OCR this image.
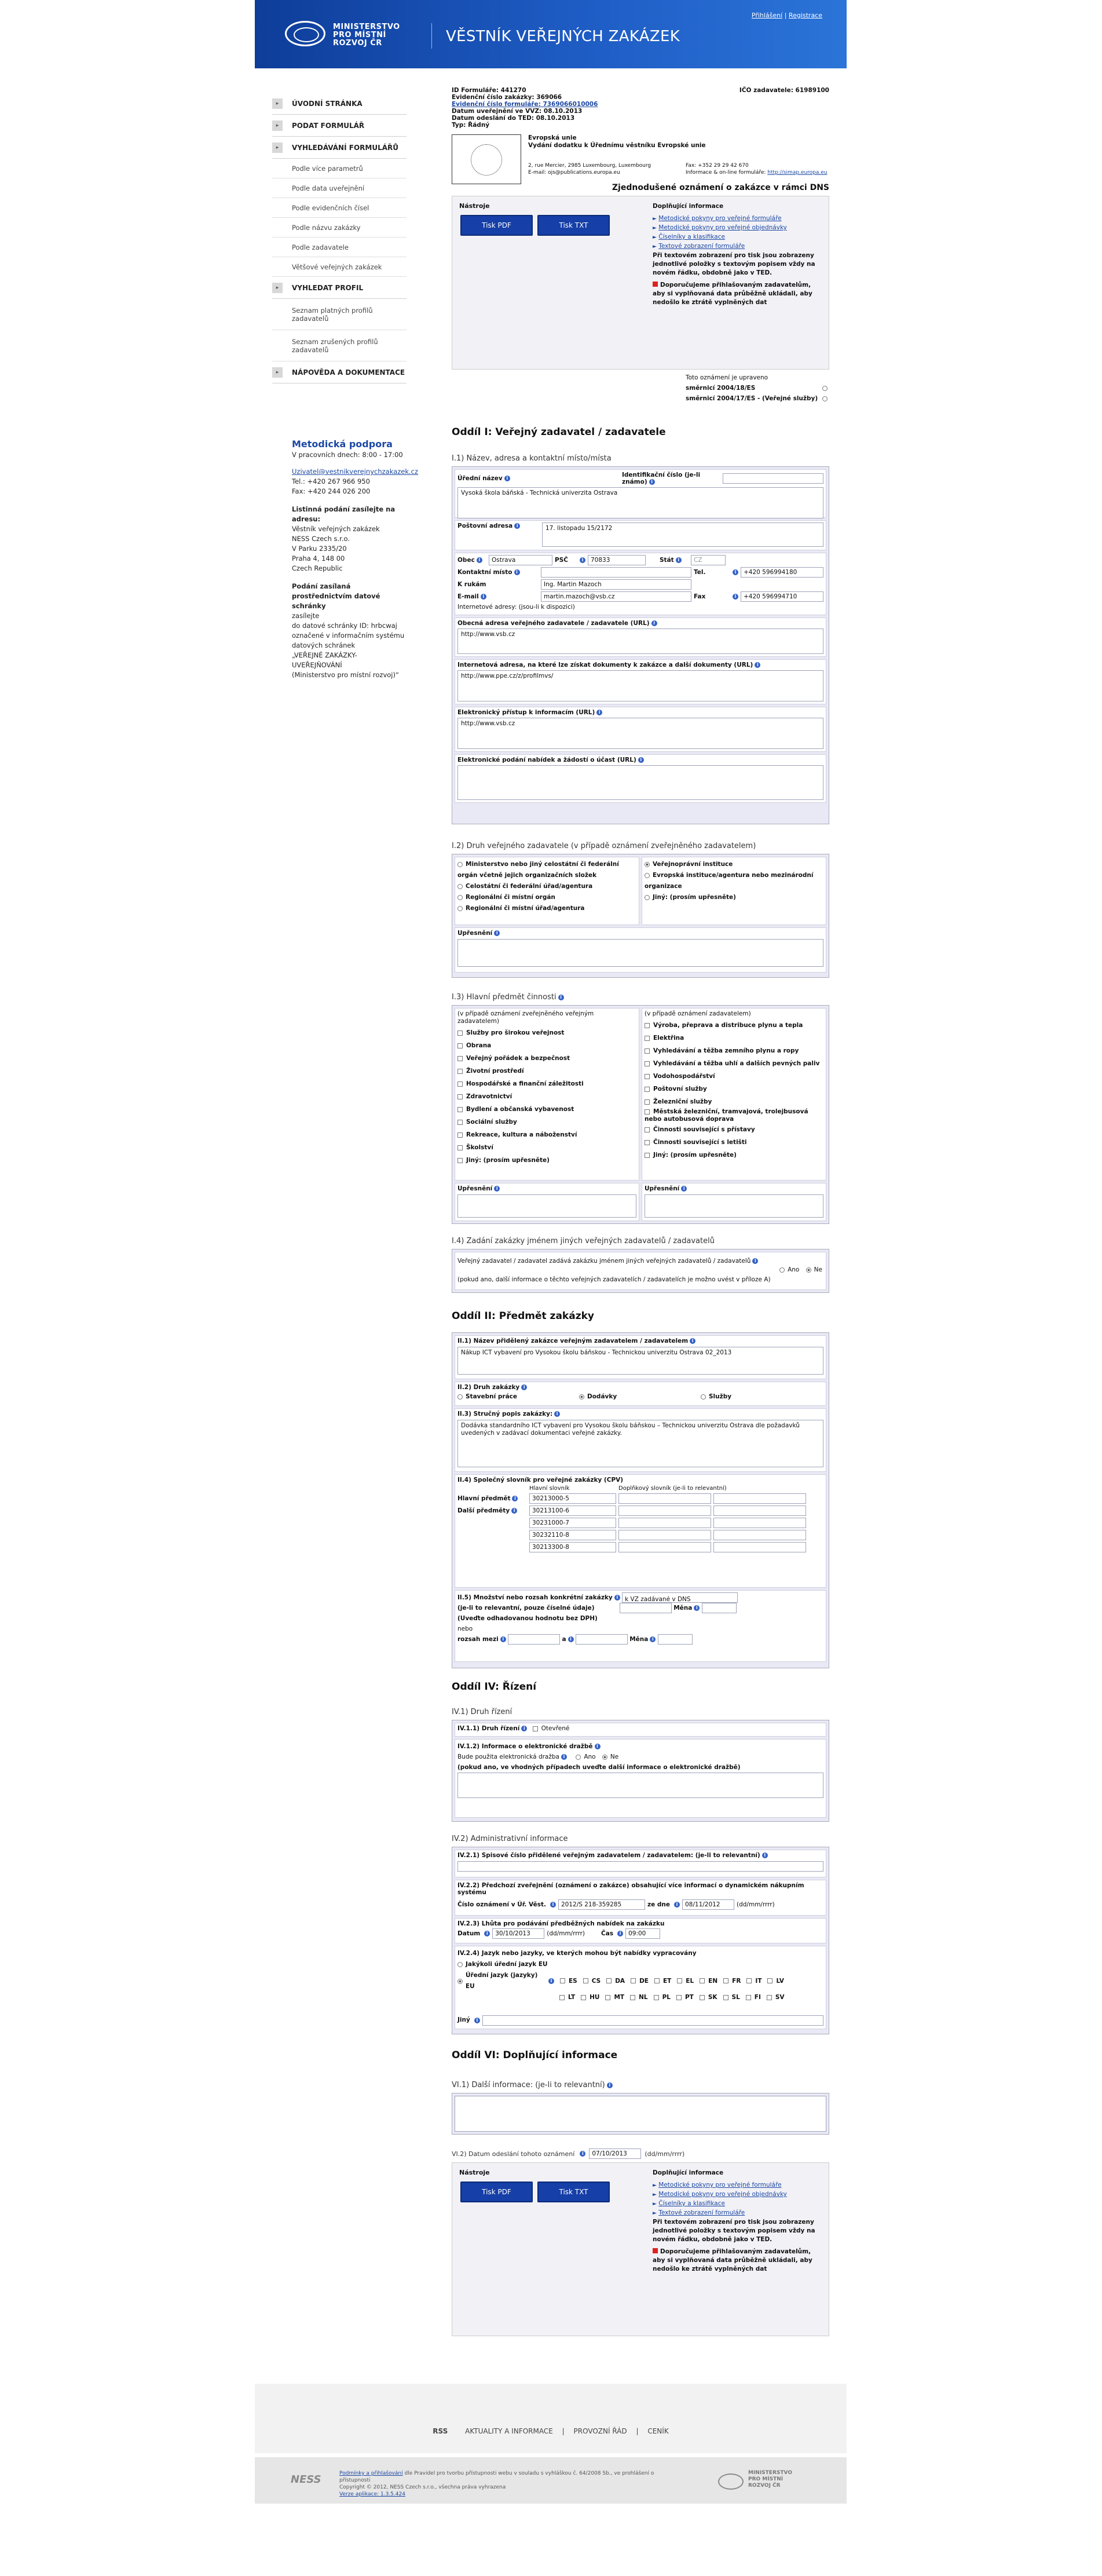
MINISTERSTVO
PRO MÍSTNÍ
ROZVOJ ČR	VĚSTNÍK VEŘEJNÝCH ZAKÁZEK
Přihlášení | Registrace
▸	ÚVODNÍ STRÁNKA
▸	PODAT FORMULÁŘ
▸	VYHLEDÁVÁNÍ FORMULÁŘŮ
Podle více parametrů
Podle data uveřejnění
Podle evidenčních čísel
Podle názvu zakázky
Podle zadavatele
Většové veřejných zakázek
▸	VYHLEDAT PROFIL
Seznam platných profilů zadavatelů
Seznam zrušených profilů zadavatelů
▸	NÁPOVĚDA A DOKUMENTACE
Metodická podpora
V pracovních dnech: 8:00 - 17:00
Uzivatel@vestnikverejnychzakazek.cz
Tel.: +420 267 966 950
Fax: +420 244 026 200

Listinná podání zasílejte na adresu:

Věstník veřejných zakázek
NESS Czech s.r.o.
V Parku 2335/20
Praha 4, 148 00
Czech Republic

Podání zasílaná prostřednictvím datové schránky

zasílejte
do datové schránky ID: hrbcwaj
označené v informačním systému
datových schránek
„VEŘEJNÉ ZAKÁZKY-
UVEŘEJŇOVÁNÍ
(Ministerstvo pro místní rozvoj)“
ID Formuláře: 441270
Evidenční číslo zakázky: 369066
Evidenční číslo formuláře: 7369066010006
Datum uveřejnění ve VVZ: 08.10.2013
Datum odeslání do TED: 08.10.2013
Typ: Řádný
IČO zadavatele: 61989100
Evropská unie
Vydání dodatku k Úřednímu věstníku Evropské unie
2, rue Mercier, 2985 Luxembourg, Luxembourg
E-mail: ojs@publications.europa.eu
Fax: +352 29 29 42 670
Informace & on-line formuláře: http://simap.europa.eu
Zjednodušené oznámení o zakázce v rámci DNS
Nástroje
Tisk PDF	Tisk TXT
Doplňující informace
► Metodické pokyny pro veřejné formuláře
► Metodické pokyny pro veřejné objednávky
► Číselníky a klasifikace
► Textové zobrazení formuláře
Při textovém zobrazení pro tisk jsou zobrazeny jednotlivé položky s textovým popisem vždy na novém řádku, obdobně jako v TED.
Doporučujeme přihlašovaným zadavatelům, aby si vyplňovaná data průběžně ukládali, aby nedošlo ke ztrátě vyplněných dat
Toto oznámení je upraveno
směrnicí 2004/18/ES
směrnicí 2004/17/ES - (Veřejné služby)
Oddíl I: Veřejný zadavatel / zadavatele
I.1) Název, adresa a kontaktní místo/místa
Úřední název i	Identifikační číslo (je-li známo) i
Vysoká škola báňská - Technická univerzita Ostrava
Poštovní adresa i	17. listopadu 15/2172
Obec i	Ostrava	PSČ	i	70833	Stát i	CZ
Kontaktní místo i	Tel.	i	+420 596994180
K rukám	Ing. Martin Mazoch
E-mail i	martin.mazoch@vsb.cz	Fax	i	+420 596994710
Internetové adresy: (jsou-li k dispozici)
Obecná adresa veřejného zadavatele / zadavatele (URL) i
http://www.vsb.cz
Internetová adresa, na které lze získat dokumenty k zakázce a další dokumenty (URL) i
http://www.ppe.cz/z/profilmvs/
Elektronický přístup k informacím (URL) i
http://www.vsb.cz
Elektronické podání nabídek a žádostí o účast (URL) i
I.2) Druh veřejného zadavatele (v případě oznámení zveřejněného zadavatelem)
Ministerstvo nebo jiný celostátní či federální orgán včetně jejich organizačních složek
Celostátní či federální úřad/agentura
Regionální či místní orgán
Regionální či místní úřad/agentura
Veřejnoprávní instituce
Evropská instituce/agentura nebo mezinárodní organizace
Jiný: (prosím upřesněte)
Upřesnění i
I.3) Hlavní předmět činnosti i
(v případě oznámení zveřejněného veřejným zadavatelem)
Služby pro širokou veřejnost
Obrana
Veřejný pořádek a bezpečnost
Životní prostředí
Hospodářské a finanční záležitosti
Zdravotnictví
Bydlení a občanská vybavenost
Sociální služby
Rekreace, kultura a náboženství
Školství
Jiný: (prosím upřesněte)
(v případě oznámení zadavatelem)
Výroba, přeprava a distribuce plynu a tepla
Elektřina
Vyhledávání a těžba zemního plynu a ropy
Vyhledávání a těžba uhlí a dalších pevných paliv
Vodohospodářství
Poštovní služby
Železniční služby
Městská železniční, tramvajová, trolejbusová nebo autobusová doprava
Činnosti související s přístavy
Činnosti související s letišti
Jiný: (prosím upřesněte)
Upřesnění i	Upřesnění i
I.4) Zadání zakázky jménem jiných veřejných zadavatelů / zadavatelů
Veřejný zadavatel / zadavatel zadává zakázku jménem jiných veřejných zadavatelů / zadavatelů i
Ano Ne
(pokud ano, další informace o těchto veřejných zadavatelích / zadavatelích je možno uvést v příloze A)
Oddíl II: Předmět zakázky
II.1) Název přidělený zakázce veřejným zadavatelem / zadavatelem i
Nákup ICT vybavení pro Vysokou školu báňskou - Technickou univerzitu Ostrava 02_2013
II.2) Druh zakázky i
Stavební práce	Dodávky	Služby
II.3) Stručný popis zakázky: i
Dodávka standardního ICT vybavení pro Vysokou školu báňskou – Technickou univerzitu Ostrava dle požadavků uvedených v zadávací dokumentaci veřejné zakázky.
II.4) Společný slovník pro veřejné zakázky (CPV)
Hlavní slovník	Doplňkový slovník (je-li to relevantní)
Hlavní předmět i	30213000-5
Další předměty i	30213100-6
30231000-7
30232110-8
30213300-8
II.5) Množství nebo rozsah konkrétní zakázky i k VZ zadávané v DNS
(je-li to relevantní, pouze číselné údaje)	Měna i
(Uveďte odhadovanou hodnotu bez DPH)
nebo
rozsah mezi i	a i	Měna i
Oddíl IV: Řízení
IV.1) Druh řízení
IV.1.1) Druh řízení i	Otevřené
IV.1.2) Informace o elektronické dražbě i
Bude použita elektronická dražba i	Ano Ne
(pokud ano, ve vhodných případech uveďte další informace o elektronické dražbě)
IV.2) Administrativní informace
IV.2.1) Spisové číslo přidělené veřejným zadavatelem / zadavatelem: (je-li to relevantní) i
IV.2.2) Předchozí zveřejnění (oznámení o zakázce) obsahující více informací o dynamickém nákupním systému
Číslo oznámení v Úř. Věst.	i	2012/S 218-359285	ze dne	i	08/11/2012	(dd/mm/rrrr)
IV.2.3) Lhůta pro podávání předběžných nabídek na zakázku
Datum	i	30/10/2013	(dd/mm/rrrr)	Čas	i	09:00
IV.2.4) Jazyk nebo jazyky, ve kterých mohou být nabídky vypracovány
Jakýkoli úřední jazyk EU
Úřední jazyk (jazyky) EU
i	ES	CS	DA	DE	ET	EL	EN	FR	IT	LV
LT	HU	MT	NL	PL	PT	SK	SL	FI	SV
Jiný	i
Oddíl VI: Doplňující informace
VI.1) Další informace: (je-li to relevantní) i
VI.2) Datum odeslání tohoto oznámení	i	07/10/2013	(dd/mm/rrrr)
Nástroje
Tisk PDF	Tisk TXT
Doplňující informace
► Metodické pokyny pro veřejné formuláře
► Metodické pokyny pro veřejné objednávky
► Číselníky a klasifikace
► Textové zobrazení formuláře
Při textovém zobrazení pro tisk jsou zobrazeny jednotlivé položky s textovým popisem vždy na novém řádku, obdobně jako v TED.
Doporučujeme přihlašovaným zadavatelům, aby si vyplňovaná data průběžně ukládali, aby nedošlo ke ztrátě vyplněných dat
RSS AKTUALITY A INFORMACE | PROVOZNÍ ŘÁD | CENÍK
NESS	Podmínky a přihlašování dle Pravidel pro tvorbu přístupnosti webu v souladu s vyhláškou č. 64/2008 Sb., ve prohlášení o přístupnosti
Copyright © 2012, NESS Czech s.r.o., všechna práva vyhrazena
Verze aplikace: 1.3.5.424
MINISTERSTVO
PRO MÍSTNÍ
ROZVOJ ČR
